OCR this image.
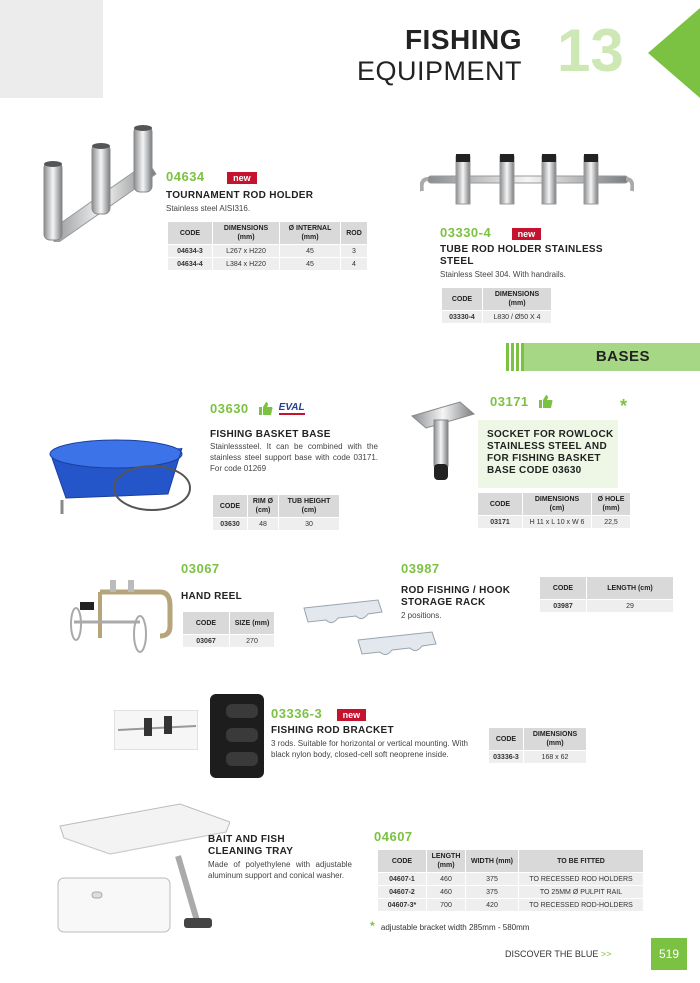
FISHING
EQUIPMENT 13
04634	new
TOURNAMENT ROD HOLDER
Stainless steel AISI316.
CODE	DIMENSIONS (mm)	Ø INTERNAL (mm)	ROD
04634-3	L267 x H220	45	3
04634-4	L384 x H220	45	4
03330-4	new
TUBE ROD HOLDER STAINLESS
STEEL
Stainless Steel 304. With handrails.
CODE	DIMENSIONS (mm)
03330-4	L830 / Ø50 X 4
BASES
03630	EVAL
FISHING BASKET BASE
Stainlesssteel. It can be combined with the stainless steel support base with code 03171. For code 01269
CODE	RIM Ø (cm)	TUB HEIGHT (cm)
03630	48	30
03171	*
SOCKET FOR ROWLOCK STAINLESS STEEL AND FOR FISHING BASKET BASE CODE 03630
CODE	DIMENSIONS (cm)	Ø HOLE (mm)
03171	H 11 x L 10 x W 6	22,5
03067
HAND REEL
CODE	SIZE (mm)
03067	270
03987
ROD FISHING / HOOK
STORAGE RACK
2 positions.
CODE	LENGTH (cm)
03987	29
03336-3 new
FISHING ROD BRACKET
3 rods. Suitable for horizontal or vertical mounting. With black nylon body, closed-cell soft neoprene inside.
CODE	DIMENSIONS (mm)
03336-3	168 x 62
BAIT AND FISH
CLEANING TRAY
Made of polyethylene with adjustable aluminum support and conical washer.
04607
CODE	LENGTH (mm)	WIDTH (mm)	TO BE FITTED
04607-1	460	375	TO RECESSED ROD HOLDERS
04607-2	460	375	TO 25MM Ø PULPIT RAIL
04607-3*	700	420	TO RECESSED ROD-HOLDERS
* adjustable bracket width 285mm - 580mm
DISCOVER THE BLUE >>	519
